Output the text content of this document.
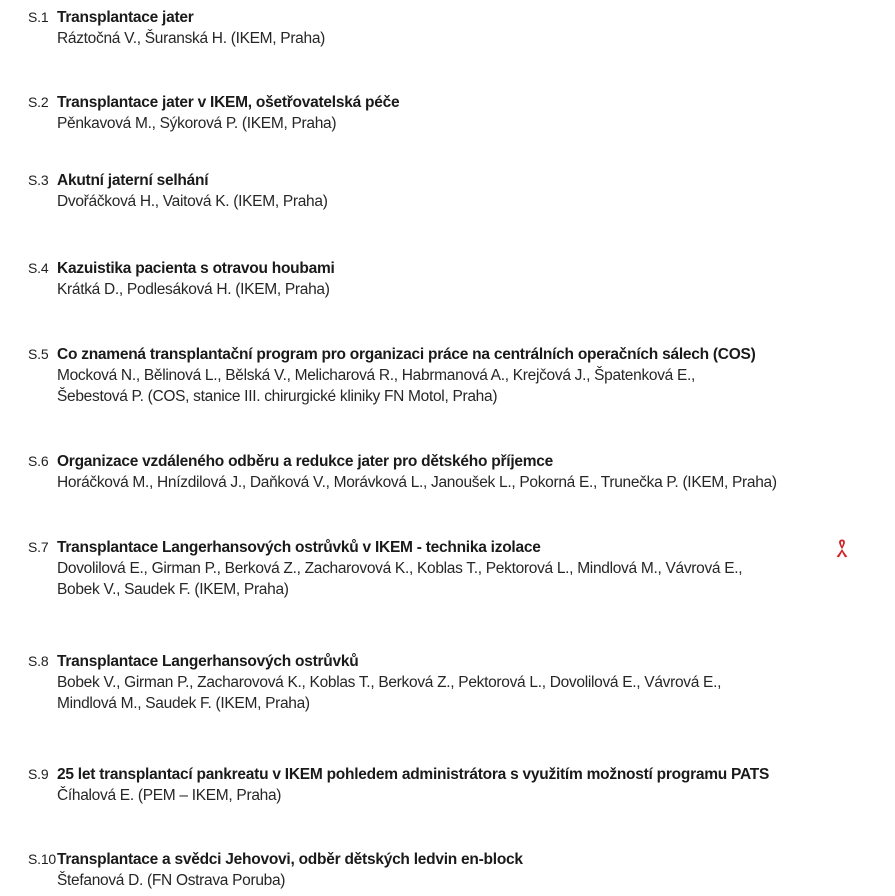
S.1 Transplantace jater
Ráztočná V., Šuranská H. (IKEM, Praha)
S.2 Transplantace jater v IKEM, ošetřovatelská péče
Pěnkavová M., Sýkorová P. (IKEM, Praha)
S.3 Akutní jaterní selhání
Dvořáčková H., Vaitová K. (IKEM, Praha)
S.4 Kazuistika pacienta s otravou houbami
Krátká D., Podlesáková H. (IKEM, Praha)
S.5 Co znamená transplantační program pro organizaci práce na centrálních operačních sálech (COS)
Mocková N., Bělinová L., Bělská V., Melicharová R., Habrmanová A., Krejčová J., Špatenková E.,
Šebestová P. (COS, stanice III. chirurgické kliniky FN Motol, Praha)
S.6 Organizace vzdáleného odběru a redukce jater pro dětského příjemce
Horáčková M., Hnízdilová J., Daňková V., Morávková L., Janoušek L., Pokorná E., Trunečka P. (IKEM, Praha)
S.7 Transplantace Langerhansových ostrůvků v IKEM - technika izolace
Dovolilová E., Girman P., Berková Z., Zacharovová K., Koblas T., Pektorová L., Mindlová M., Vávrová E.,
Bobek V., Saudek F. (IKEM, Praha)
S.8 Transplantace Langerhansových ostrůvků
Bobek V., Girman P., Zacharovová K., Koblas T., Berková Z., Pektorová L., Dovolilová E., Vávrová E.,
Mindlová M., Saudek F. (IKEM, Praha)
S.9 25 let transplantací pankreatu v IKEM pohledem administrátora s využitím možností programu PATS
Číhalová E. (PEM – IKEM, Praha)
S.10 Transplantace a svědci Jehovovi, odběr dětských ledvin en-block
Štefanová D. (FN Ostrava Poruba)
